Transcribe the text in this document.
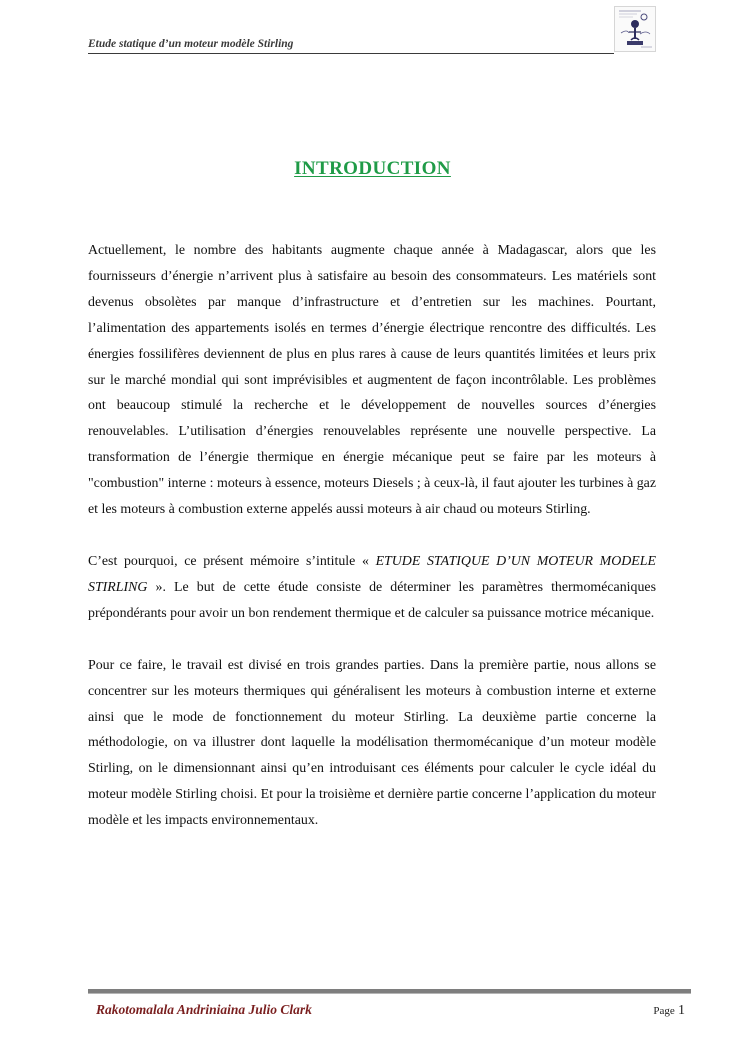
Etude statique d’un moteur modèle Stirling
INTRODUCTION

Actuellement, le nombre des habitants augmente chaque année à Madagascar, alors que les fournisseurs d’énergie n’arrivent plus à satisfaire au besoin des consommateurs. Les matériels sont devenus obsolètes par manque d’infrastructure et d’entretien sur les machines. Pourtant, l’alimentation des appartements isolés en termes d’énergie électrique rencontre des difficultés. Les énergies fossilifères deviennent de plus en plus rares à cause de leurs quantités limitées et leurs prix sur le marché mondial qui sont imprévisibles et augmentent de façon incontrôlable. Les problèmes ont beaucoup stimulé la recherche et le développement de nouvelles sources d’énergies renouvelables. L’utilisation d’énergies renouvelables représente une nouvelle perspective. La transformation de l’énergie thermique en énergie mécanique peut se faire par les moteurs à "combustion" interne : moteurs à essence, moteurs Diesels ; à ceux-là, il faut ajouter les turbines à gaz et les moteurs à combustion externe appelés aussi moteurs à air chaud ou moteurs Stirling.

C’est pourquoi, ce présent mémoire s’intitule « ETUDE STATIQUE D’UN MOTEUR MODELE STIRLING ». Le but de cette étude consiste de déterminer les paramètres thermomécaniques prépondérants pour avoir un bon rendement thermique et de calculer sa puissance motrice mécanique.

Pour ce faire, le travail est divisé en trois grandes parties. Dans la première partie, nous allons se concentrer sur les moteurs thermiques qui généralisent les moteurs à combustion interne et externe ainsi que le mode de fonctionnement du moteur Stirling. La deuxième partie concerne la méthodologie, on va illustrer dont laquelle la modélisation thermomécanique d’un moteur modèle Stirling, on le dimensionnant ainsi qu’en introduisant ces éléments pour calculer le cycle idéal du moteur modèle Stirling choisi. Et pour la troisième et dernière partie concerne l’application du moteur modèle et les impacts environnementaux.

Rakotomalala Andriniaina Julio Clark	Page 1
